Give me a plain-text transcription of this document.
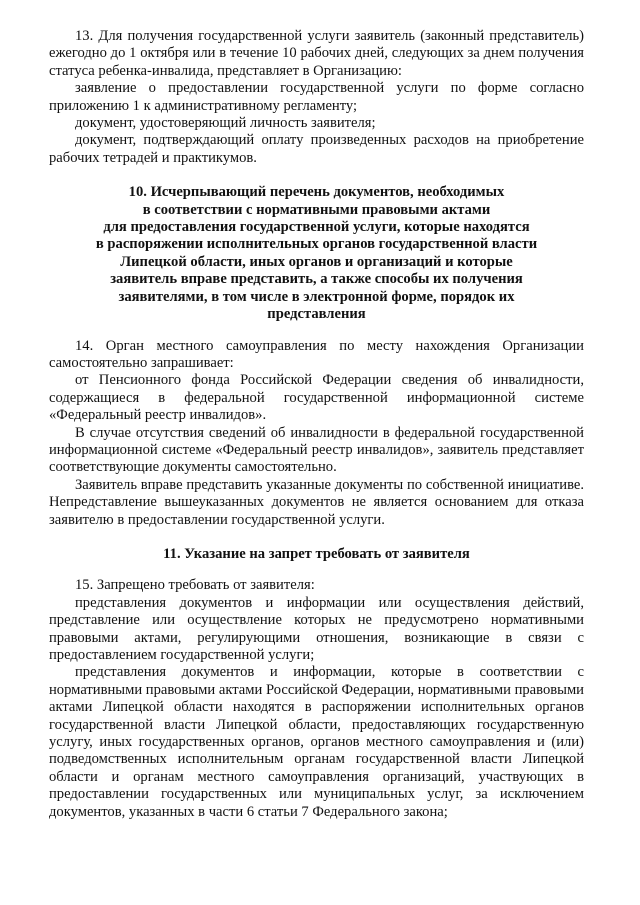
13. Для получения государственной услуги заявитель (законный представитель) ежегодно до 1 октября или в течение 10 рабочих дней, следующих за днем получения статуса ребенка-инвалида, представляет в Организацию:

заявление о предоставлении государственной услуги по форме согласно приложению 1 к административному регламенту;

документ, удостоверяющий личность заявителя;

документ, подтверждающий оплату произведенных расходов на приобретение рабочих тетрадей и практикумов.

10. Исчерпывающий перечень документов, необходимых

в соответствии с нормативными правовыми актами

для предоставления государственной услуги, которые находятся

в распоряжении исполнительных органов государственной власти

Липецкой области, иных органов и организаций и которые

заявитель вправе представить, а также способы их получения

заявителями, в том числе в электронной форме, порядок их

представления

14. Орган местного самоуправления по месту нахождения Организации самостоятельно запрашивает:

от Пенсионного фонда Российской Федерации сведения об инвалидности, содержащиеся в федеральной государственной информационной системе «Федеральный реестр инвалидов».

В случае отсутствия сведений об инвалидности в федеральной государственной информационной системе «Федеральный реестр инвалидов», заявитель представляет соответствующие документы самостоятельно.

Заявитель вправе представить указанные документы по собственной инициативе. Непредставление вышеуказанных документов не является основанием для отказа заявителю в предоставлении государственной услуги.

11. Указание на запрет требовать от заявителя

15. Запрещено требовать от заявителя:

представления документов и информации или осуществления действий, представление или осуществление которых не предусмотрено нормативными правовыми актами, регулирующими отношения, возникающие в связи с предоставлением государственной услуги;

представления документов и информации, которые в соответствии с нормативными правовыми актами Российской Федерации, нормативными правовыми актами Липецкой области находятся в распоряжении исполнительных органов государственной власти Липецкой области, предоставляющих государственную услугу, иных государственных органов, органов местного самоуправления и (или) подведомственных исполнительным органам государственной власти Липецкой области и органам местного самоуправления организаций, участвующих в предоставлении государственных или муниципальных услуг, за исключением документов, указанных в части 6 статьи 7 Федерального закона;
